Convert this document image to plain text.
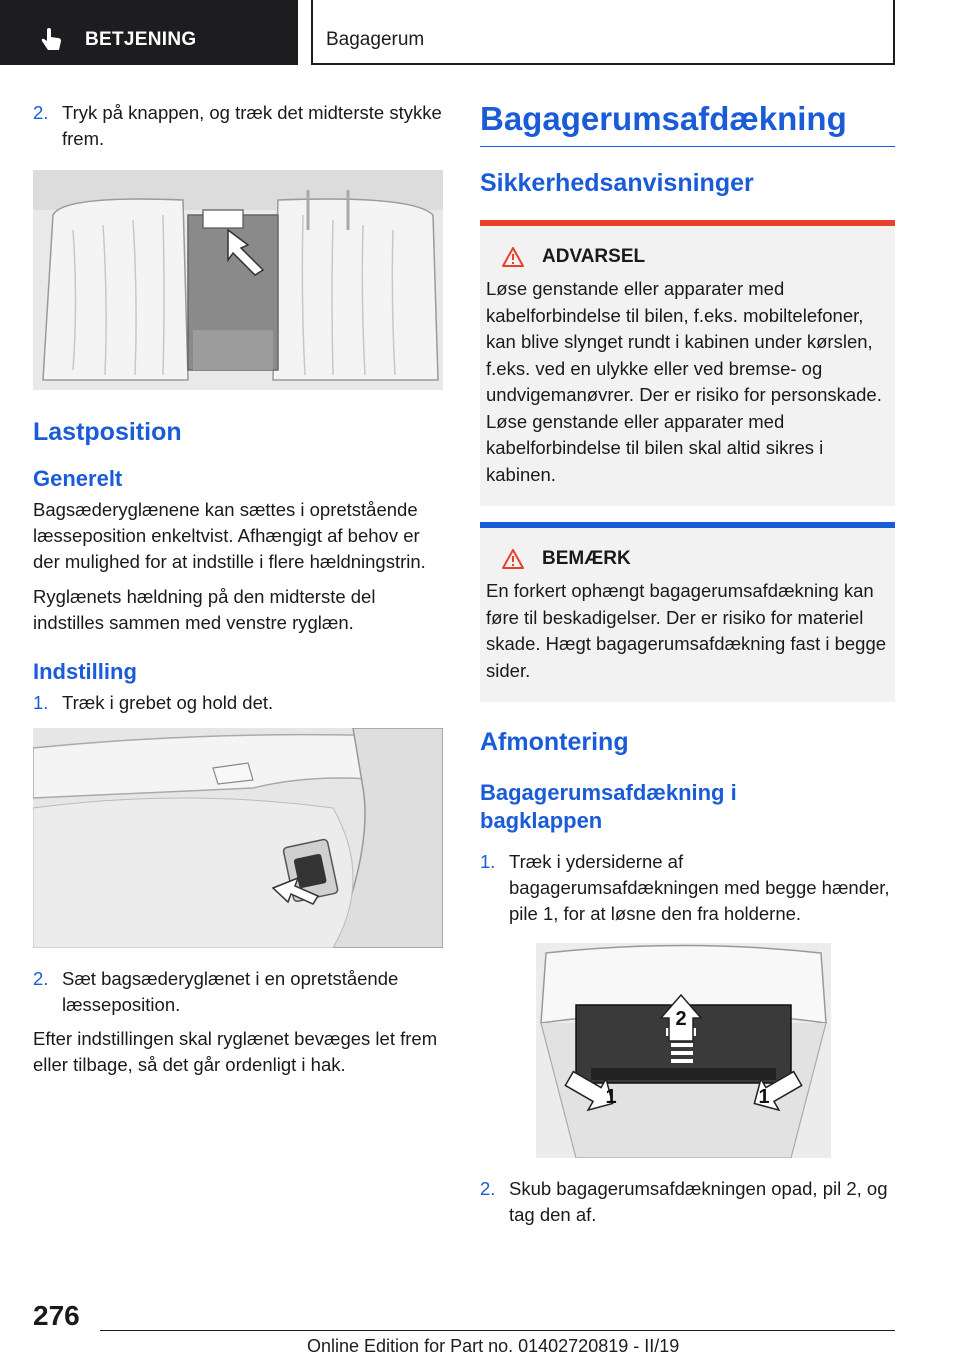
BETJENING	Bagagerum
2. Tryk på knappen, og træk det midterste stykke frem.
Lastposition
Generelt

Bagsæderyglænene kan sættes i opretstående læsseposition enkeltvist. Afhængigt af behov er der mulighed for at indstille i flere hældningstrin.

Ryglænets hældning på den midterste del indstilles sammen med venstre ryglæn.

Indstilling
1. Træk i grebet og hold det.
2. Sæt bagsæderyglænet i en opretstående læsseposition.

Efter indstillingen skal ryglænet bevæges let frem eller tilbage, så det går ordenligt i hak.

Bagagerumsafdækning
Sikkerhedsanvisninger
ADVARSEL
Løse genstande eller apparater med kabelforbindelse til bilen, f.eks. mobiltelefoner, kan blive slynget rundt i kabinen under kørslen, f.eks. ved en ulykke eller ved bremse- og undvigemanøvrer. Der er risiko for personskade. Løse genstande eller apparater med kabelforbindelse til bilen skal altid sikres i kabinen.
BEMÆRK
En forkert ophængt bagagerumsafdækning kan føre til beskadigelser. Der er risiko for materiel skade. Hægt bagagerumsafdækning fast i begge sider.
Afmontering
Bagagerumsafdækning i bagklappen
1. Træk i ydersiderne af bagagerumsafdækningen med begge hænder, pile 1, for at løsne den fra holderne.
2
1	1
2. Skub bagagerumsafdækningen opad, pil 2, og tag den af.
276
Online Edition for Part no. 01402720819 - II/19
